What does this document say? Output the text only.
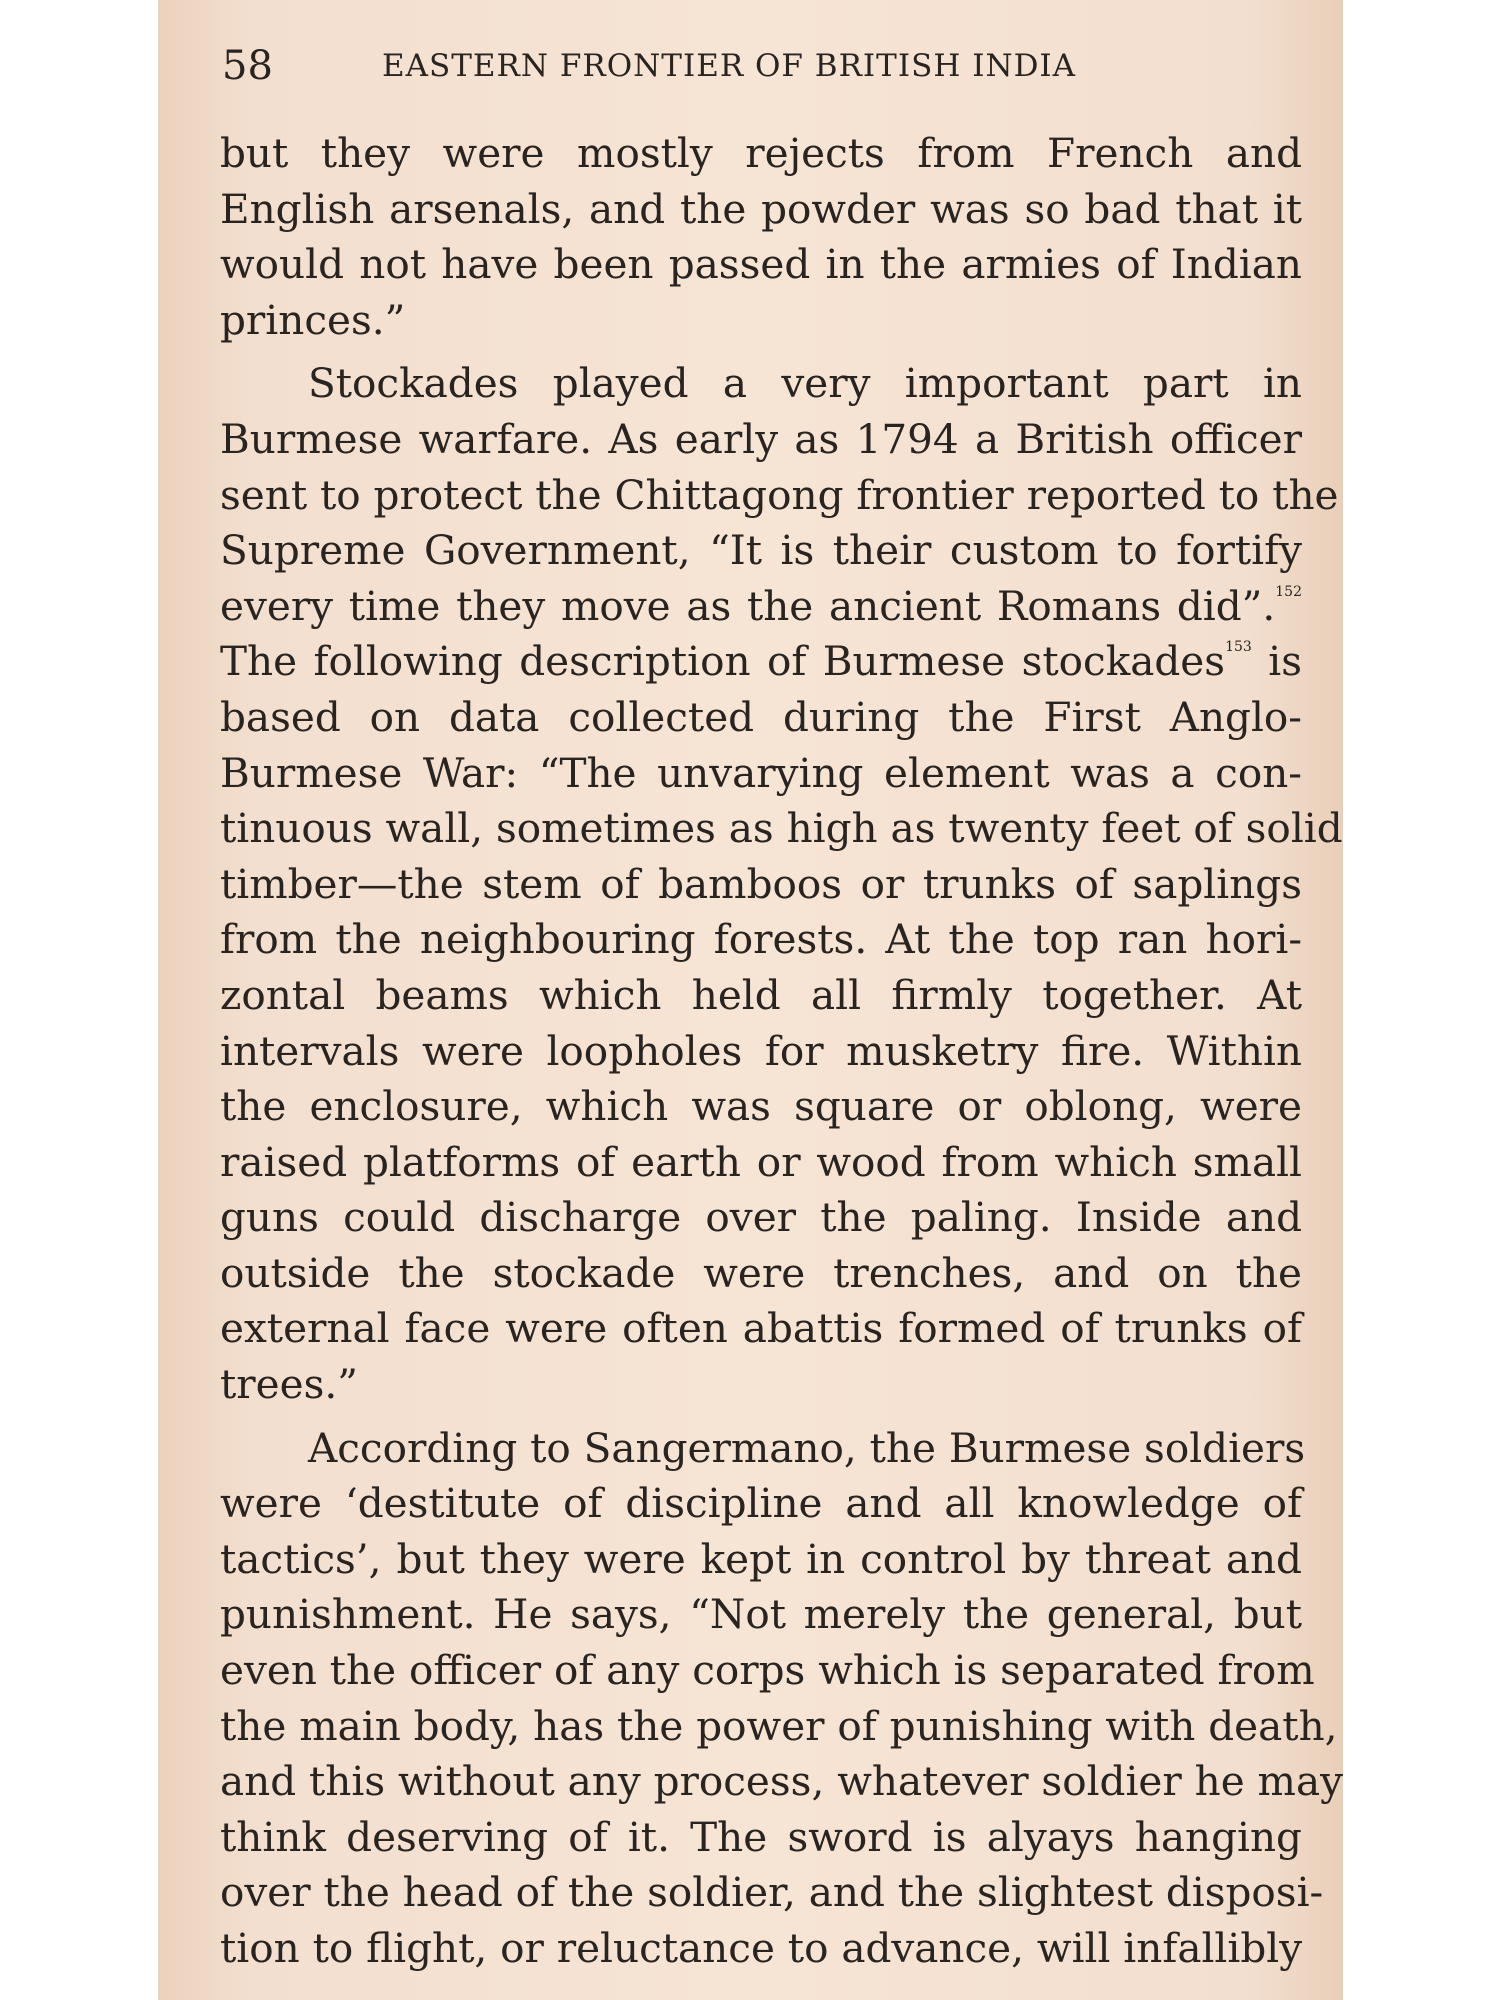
58	EASTERN FRONTIER OF BRITISH INDIA
but they were mostly rejects from French and
English arsenals, and the powder was so bad that it
would not have been passed in the armies of Indian
princes.”
Stockades played a very important part in
Burmese warfare. As early as 1794 a British officer
sent to protect the Chittagong frontier reported to the
Supreme Government, “It is their custom to fortify
every time they move as the ancient Romans did”.$^{152}$
The following description of Burmese stockades$^{153}$ is
based on data collected during the First Anglo-
Burmese War: “The unvarying element was a con-
tinuous wall, sometimes as high as twenty feet of solid
timber—the stem of bamboos or trunks of saplings
from the neighbouring forests. At the top ran hori-
zontal beams which held all firmly together. At
intervals were loopholes for musketry fire. Within
the enclosure, which was square or oblong, were
raised platforms of earth or wood from which small
guns could discharge over the paling. Inside and
outside the stockade were trenches, and on the
external face were often abattis formed of trunks of
trees.”
According to Sangermano, the Burmese soldiers
were ‘destitute of discipline and all knowledge of
tactics’, but they were kept in control by threat and
punishment. He says, “Not merely the general, but
even the officer of any corps which is separated from
the main body, has the power of punishing with death,
and this without any process, whatever soldier he may
think deserving of it. The sword is alyays hanging
over the head of the soldier, and the slightest disposi-
tion to flight, or reluctance to advance, will infallibly
